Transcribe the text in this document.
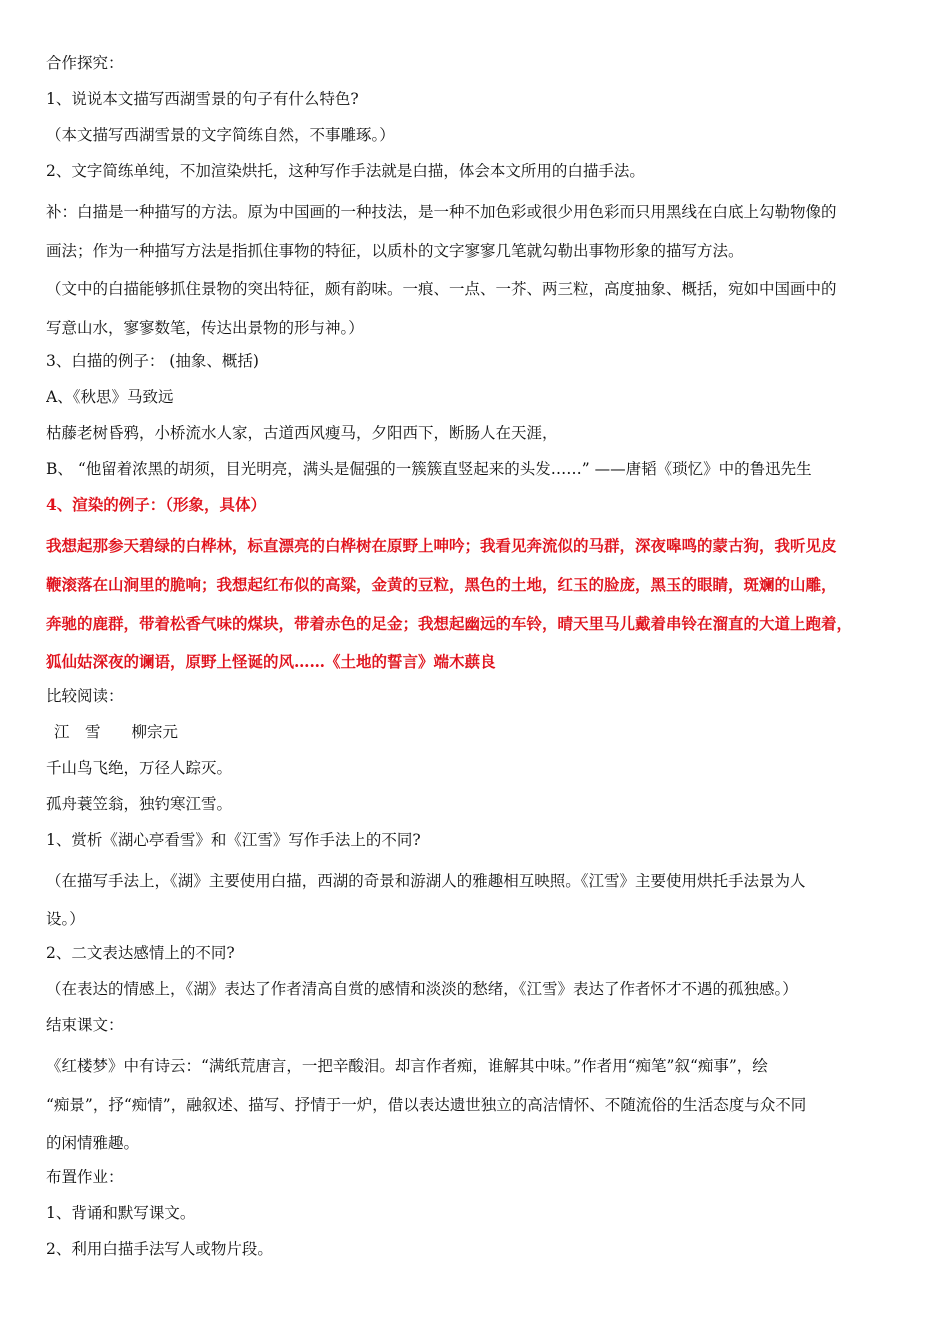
合作探究：

1、说说本文描写西湖雪景的句子有什么特色?

（本文描写西湖雪景的文字简练自然，不事雕琢。）

2、文字简练单纯，不加渲染烘托，这种写作手法就是白描，体会本文所用的白描手法。

补：白描是一种描写的方法。原为中国画的一种技法，是一种不加色彩或很少用色彩而只用黑线在白底上勾勒物像的
画法；作为一种描写方法是指抓住事物的特征，以质朴的文字寥寥几笔就勾勒出事物形象的描写方法。
（文中的白描能够抓住景物的突出特征，颇有韵味。一痕、一点、一芥、两三粒，高度抽象、概括，宛如中国画中的
写意山水，寥寥数笔，传达出景物的形与神。）

3、白描的例子： (抽象、概括)

A、《秋思》马致远

枯藤老树昏鸦，小桥流水人家，古道西风瘦马，夕阳西下，断肠人在天涯，

B、 “他留着浓黑的胡须，目光明亮，满头是倔强的一簇簇直竖起来的头发……” ——唐韬《琐忆》中的鲁迅先生

4、渲染的例子：（形象，具体）

我想起那参天碧绿的白桦林，标直漂亮的白桦树在原野上呻吟；我看见奔流似的马群，深夜嗥鸣的蒙古狗，我听见皮
鞭滚落在山涧里的脆响；我想起红布似的高粱，金黄的豆粒，黑色的土地，红玉的脸庞，黑玉的眼睛，斑斓的山雕，
奔驰的鹿群，带着松香气味的煤块，带着赤色的足金；我想起幽远的车铃，晴天里马儿戴着串铃在溜直的大道上跑着，
狐仙姑深夜的谰语，原野上怪诞的风……《土地的誓言》端木蕻良

比较阅读：

江　雪　　柳宗元

千山鸟飞绝，万径人踪灭。

孤舟蓑笠翁，独钓寒江雪。

1、赏析《湖心亭看雪》和《江雪》写作手法上的不同?

（在描写手法上，《湖》主要使用白描，西湖的奇景和游湖人的雅趣相互映照。《江雪》主要使用烘托手法景为人
设。）

2、二文表达感情上的不同?

（在表达的情感上，《湖》表达了作者清高自赏的感情和淡淡的愁绪，《江雪》表达了作者怀才不遇的孤独感。）

结束课文：

《红楼梦》中有诗云：“满纸荒唐言，一把辛酸泪。却言作者痴，谁解其中味。”作者用“痴笔”叙“痴事”，绘
“痴景”，抒“痴情”，融叙述、描写、抒情于一炉，借以表达遗世独立的高洁情怀、不随流俗的生活态度与众不同
的闲情雅趣。

布置作业：

1、背诵和默写课文。

2、利用白描手法写人或物片段。
